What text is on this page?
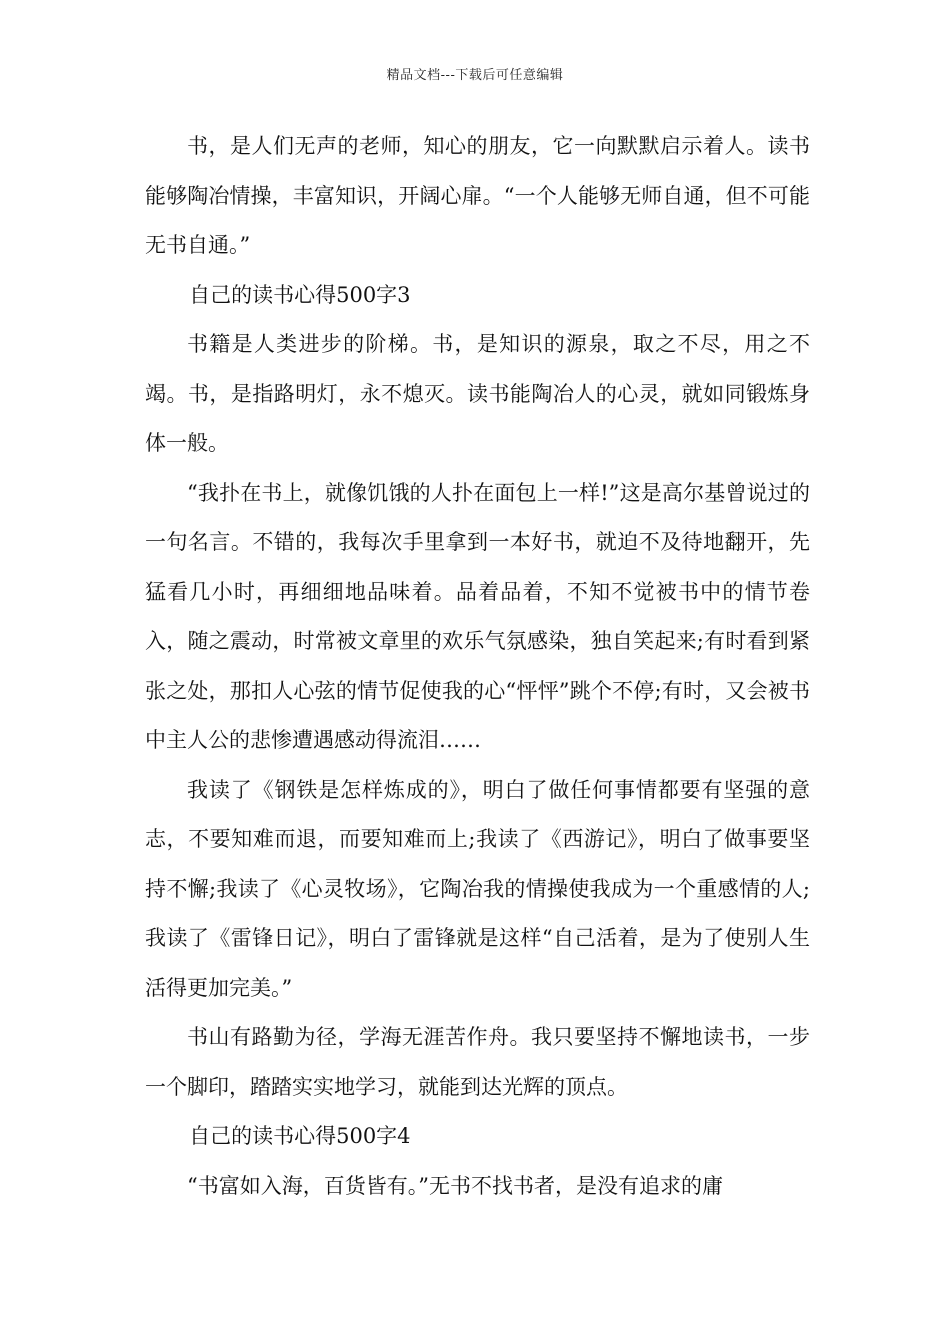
精品文档---下载后可任意编辑

书，是人们无声的老师，知心的朋友，它一向默默启示着人。读书能够陶冶情操，丰富知识，开阔心扉。“一个人能够无师自通，但不可能无书自通。”

自己的读书心得500字3

书籍是人类进步的阶梯。书，是知识的源泉，取之不尽，用之不竭。书，是指路明灯，永不熄灭。读书能陶冶人的心灵，就如同锻炼身体一般。

“我扑在书上，就像饥饿的人扑在面包上一样!”这是高尔基曾说过的一句名言。不错的，我每次手里拿到一本好书，就迫不及待地翻开，先猛看几小时，再细细地品味着。品着品着，不知不觉被书中的情节卷入，随之震动，时常被文章里的欢乐气氛感染，独自笑起来;有时看到紧张之处，那扣人心弦的情节促使我的心“怦怦”跳个不停;有时，又会被书中主人公的悲惨遭遇感动得流泪……

我读了《钢铁是怎样炼成的》，明白了做任何事情都要有坚强的意志，不要知难而退，而要知难而上;我读了《西游记》，明白了做事要坚持不懈;我读了《心灵牧场》，它陶冶我的情操使我成为一个重感情的人;我读了《雷锋日记》，明白了雷锋就是这样“自己活着，是为了使别人生活得更加完美。”

书山有路勤为径，学海无涯苦作舟。我只要坚持不懈地读书，一步一个脚印，踏踏实实地学习，就能到达光辉的顶点。

自己的读书心得500字4

“书富如入海，百货皆有。”无书不找书者，是没有追求的庸
